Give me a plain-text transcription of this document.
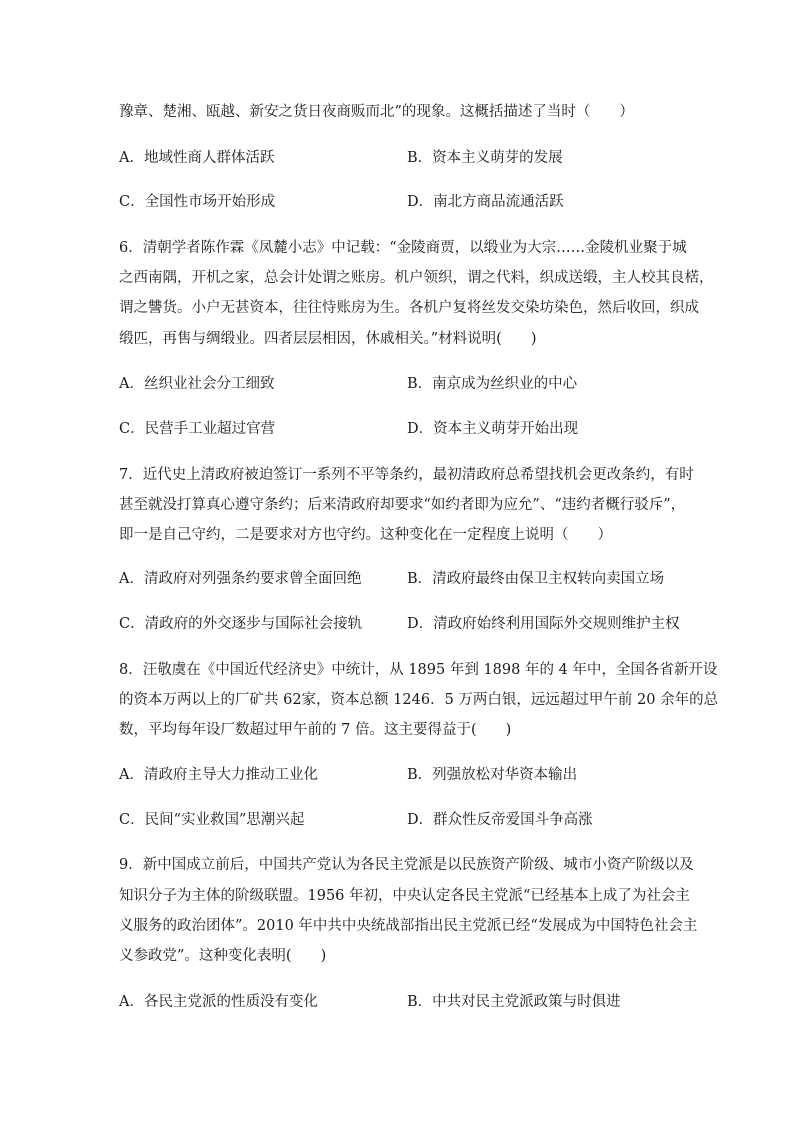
豫章、楚湘、瓯越、新安之货日夜商贩而北”的现象。这概括描述了当时（　　）
A．地域性商人群体活跃	B．资本主义萌芽的发展
C．全国性市场开始形成	D．南北方商品流通活跃
6．清朝学者陈作霖《凤麓小志》中记载：“金陵商贾，以缎业为大宗……金陵机业聚于城
之西南隅，开机之家，总会计处谓之账房。机户领织，谓之代料，织成送缎，主人校其良楛，
谓之讐货。小户无甚资本，往往恃账房为生。各机户复将丝发交染坊染色，然后收回，织成
缎匹，再售与绸缎业。四者层层相因，休戚相关。”材料说明(　　)
A．丝织业社会分工细致	B．南京成为丝织业的中心
C．民营手工业超过官营	D．资本主义萌芽开始出现
7．近代史上清政府被迫签订一系列不平等条约，最初清政府总希望找机会更改条约，有时
甚至就没打算真心遵守条约；后来清政府却要求“如约者即为应允”、“违约者概行驳斥”，
即一是自己守约，二是要求对方也守约。这种变化在一定程度上说明（　　）
A．清政府对列强条约要求曾全面回绝	B．清政府最终由保卫主权转向卖国立场
C．清政府的外交逐步与国际社会接轨	D．清政府始终利用国际外交规则维护主权
8．汪敬虞在《中国近代经济史》中统计，从 1895 年到 1898 年的 4 年中，全国各省新开设
的资本万两以上的厂矿共 62家，资本总额 1246．5 万两白银，远远超过甲午前 20 余年的总
数，平均每年设厂数超过甲午前的 7 倍。这主要得益于(　　)
A．清政府主导大力推动工业化	B．列强放松对华资本输出
C．民间“实业救国”思潮兴起	D．群众性反帝爱国斗争高涨
9．新中国成立前后，中国共产党认为各民主党派是以民族资产阶级、城市小资产阶级以及
知识分子为主体的阶级联盟。1956 年初，中央认定各民主党派“已经基本上成了为社会主
义服务的政治团体”。2010 年中共中央统战部指出民主党派已经“发展成为中国特色社会主
义参政党”。这种变化表明(　　)
A．各民主党派的性质没有变化	B．中共对民主党派政策与时俱进
